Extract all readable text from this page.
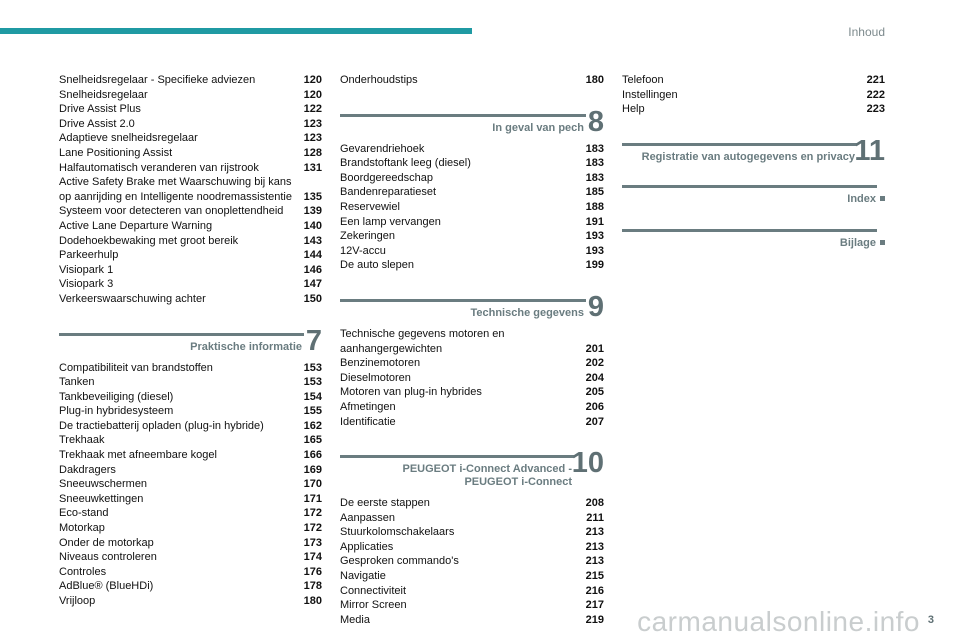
Inhoud
Snelheidsregelaar - Specifieke adviezen	120
Snelheidsregelaar	120
Drive Assist Plus	122
Drive Assist 2.0	123
Adaptieve snelheidsregelaar	123
Lane Positioning Assist	128
Halfautomatisch veranderen van rijstrook	131
Active Safety Brake met Waarschuwing bij kans op aanrijding en Intelligente noodremassistentie	135
Systeem voor detecteren van onoplettendheid	139
Active Lane Departure Warning	140
Dodehoekbewaking met groot bereik	143
Parkeerhulp	144
Visiopark 1	146
Visiopark 3	147
Verkeerswaarschuwing achter	150
Praktische informatie 7
Compatibiliteit van brandstoffen	153
Tanken	153
Tankbeveiliging (diesel)	154
Plug-in hybridesysteem	155
De tractiebatterij opladen (plug-in hybride)	162
Trekhaak	165
Trekhaak met afneembare kogel	166
Dakdragers	169
Sneeuwschermen	170
Sneeuwkettingen	171
Eco-stand	172
Motorkap	172
Onder de motorkap	173
Niveaus controleren	174
Controles	176
AdBlue® (BlueHDi)	178
Vrijloop	180
Onderhoudstips	180
In geval van pech 8
Gevarendriehoek	183
Brandstoftank leeg (diesel)	183
Boordgereedschap	183
Bandenreparatieset	185
Reservewiel	188
Een lamp vervangen	191
Zekeringen	193
12V-accu	193
De auto slepen	199
Technische gegevens 9
Technische gegevens motoren en aanhangergewichten	201
Benzinemotoren	202
Dieselmotoren	204
Motoren van plug-in hybrides	205
Afmetingen	206
Identificatie	207
PEUGEOT i-Connect Advanced - PEUGEOT i-Connect
10
De eerste stappen	208
Aanpassen	211
Stuurkolomschakelaars	213
Applicaties	213
Gesproken commando's	213
Navigatie	215
Connectiviteit	216
Mirror Screen	217
Media	219
Telefoon	221
Instellingen	222
Help	223
Registratie van autogegevens en privacy 11
Index
Bijlage
carmanualsonline.info 3
